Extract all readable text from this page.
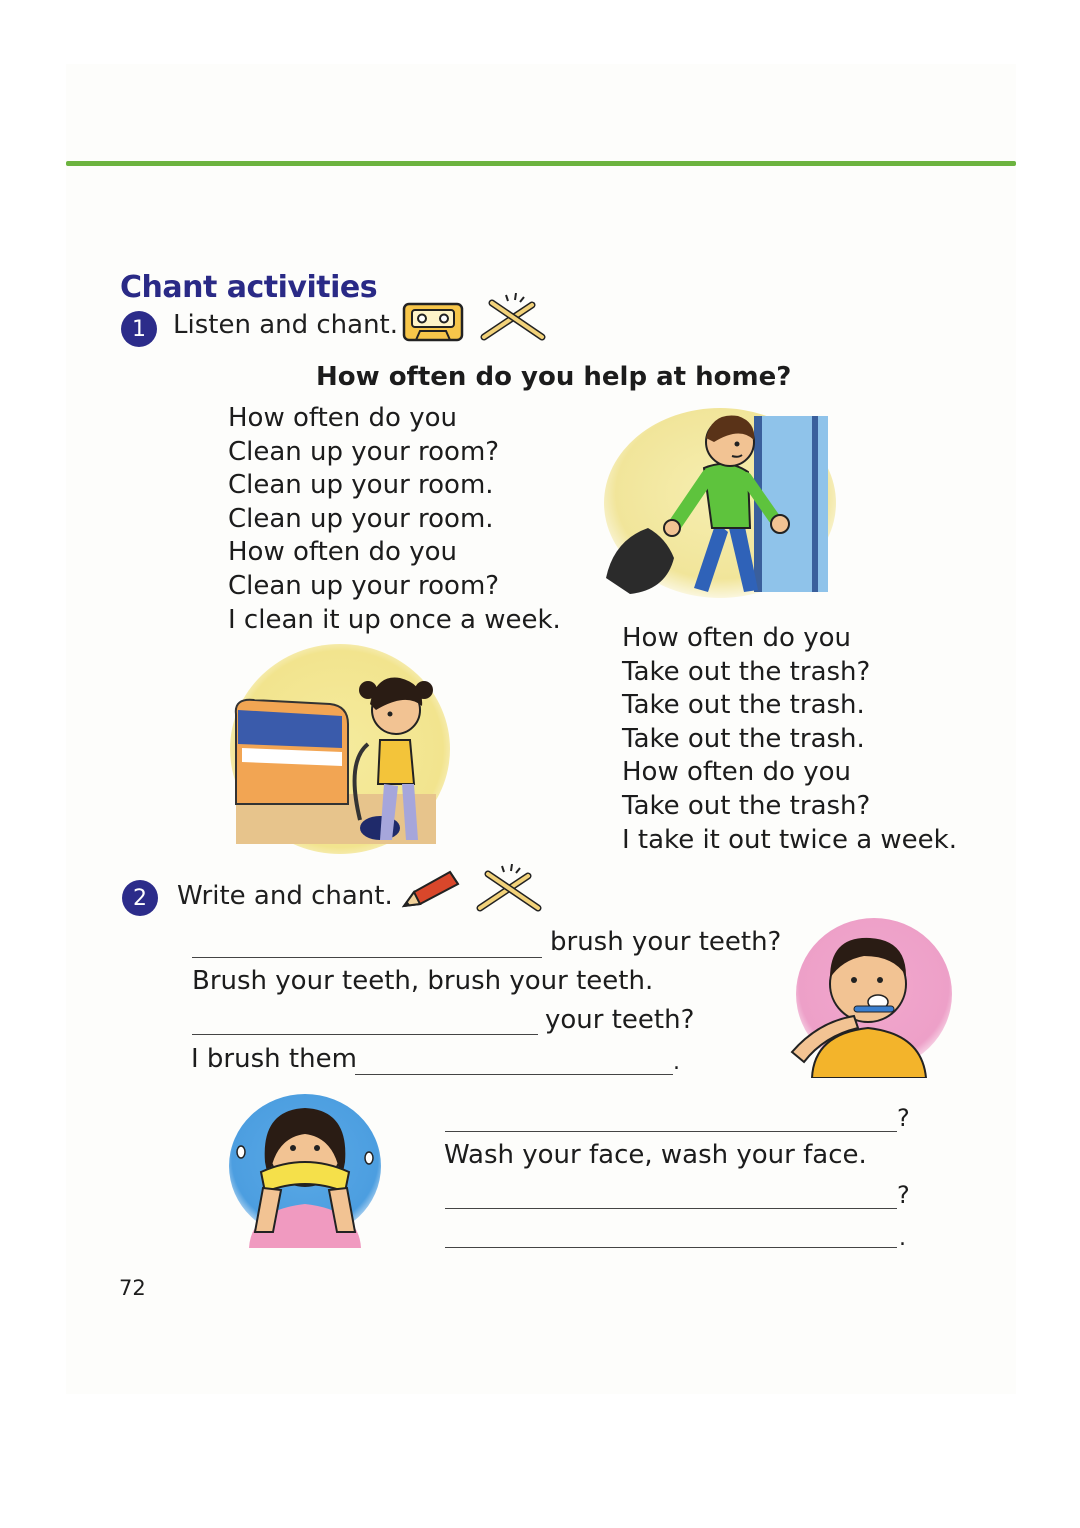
Chant activities
1	Listen and chant.
How often do you help at home?
How often do you
Clean up your room?
Clean up your room.
Clean up your room.
How often do you
Clean up your room?
I clean it up once a week.
How often do you
Take out the trash?
Take out the trash.
Take out the trash.
How often do you
Take out the trash?
I take it out twice a week.
2	Write and chant.
brush your teeth?
Brush your teeth, brush your teeth.
your teeth?
I brush them	.
?
Wash your face, wash your face.
?
.
72
